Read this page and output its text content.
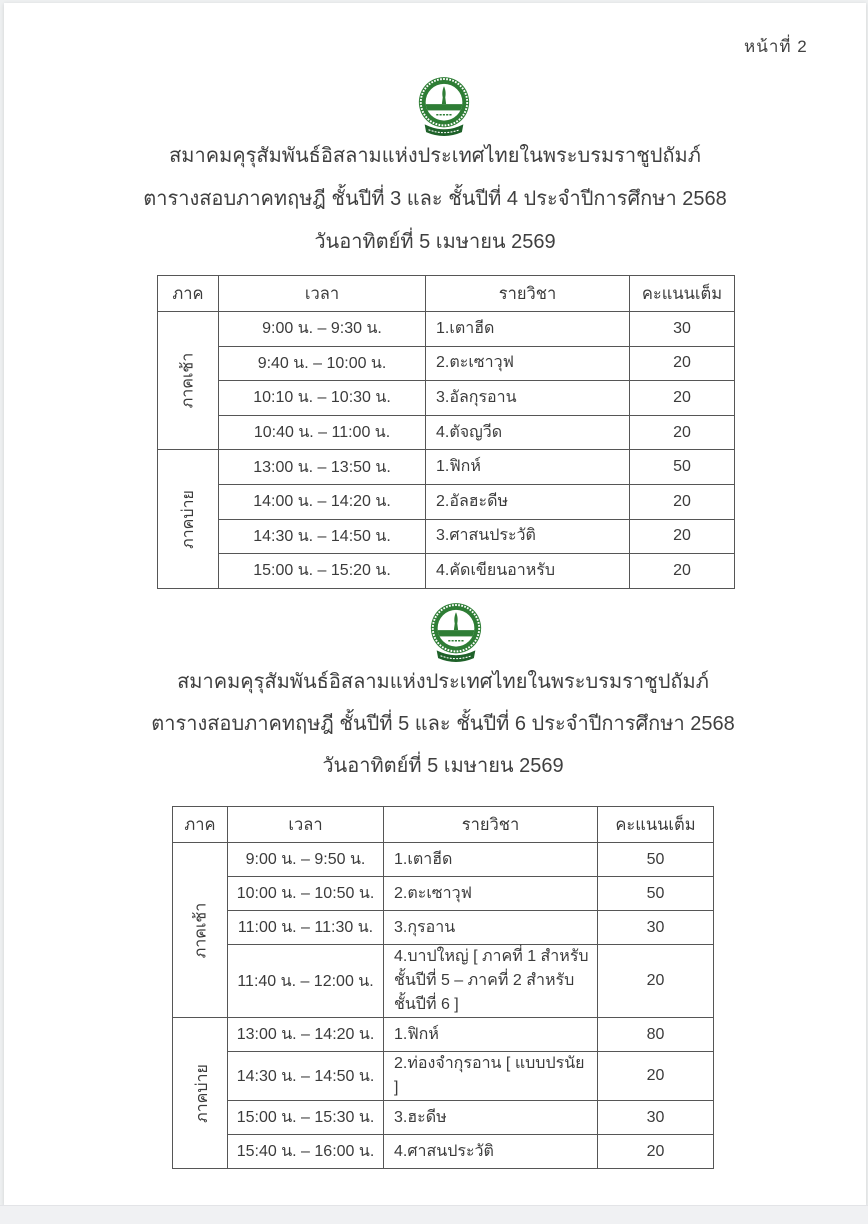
หน้าที่ 2
สมาคมคุรุสัมพันธ์อิสลามแห่งประเทศไทยในพระบรมราชูปถัมภ์
ตารางสอบภาคทฤษฎี ชั้นปีที่ 3 และ ชั้นปีที่ 4 ประจำปีการศึกษา 2568
วันอาทิตย์ที่ 5 เมษายน 2569
ภาค	เวลา	รายวิชา	คะแนนเต็ม
ภาคเช้า	9:00 น. – 9:30 น.	1.เตาฮีด	30
	9:40 น. – 10:00 น.	2.ตะเซาวุฟ	20
	10:10 น. – 10:30 น.	3.อัลกุรอาน	20
	10:40 น. – 11:00 น.	4.ตัจญวีด	20
ภาคบ่าย	13:00 น. – 13:50 น.	1.ฟิกห์	50
	14:00 น. – 14:20 น.	2.อัลฮะดีษ	20
	14:30 น. – 14:50 น.	3.ศาสนประวัติ	20
	15:00 น. – 15:20 น.	4.คัดเขียนอาหรับ	20
สมาคมคุรุสัมพันธ์อิสลามแห่งประเทศไทยในพระบรมราชูปถัมภ์
ตารางสอบภาคทฤษฎี ชั้นปีที่ 5 และ ชั้นปีที่ 6 ประจำปีการศึกษา 2568
วันอาทิตย์ที่ 5 เมษายน 2569
ภาค	เวลา	รายวิชา	คะแนนเต็ม
ภาคเช้า	9:00 น. – 9:50 น.	1.เตาฮีด	50
	10:00 น. – 10:50 น.	2.ตะเซาวุฟ	50
	11:00 น. – 11:30 น.	3.กุรอาน	30
	11:40 น. – 12:00 น.	4.บาปใหญ่ [ ภาคที่ 1 สำหรับชั้นปีที่ 5 – ภาคที่ 2 สำหรับชั้นปีที่ 6 ]	20
ภาคบ่าย	13:00 น. – 14:20 น.	1.ฟิกห์	80
	14:30 น. – 14:50 น.	2.ท่องจำกุรอาน [ แบบปรนัย ]	20
	15:00 น. – 15:30 น.	3.ฮะดีษ	30
	15:40 น. – 16:00 น.	4.ศาสนประวัติ	20
